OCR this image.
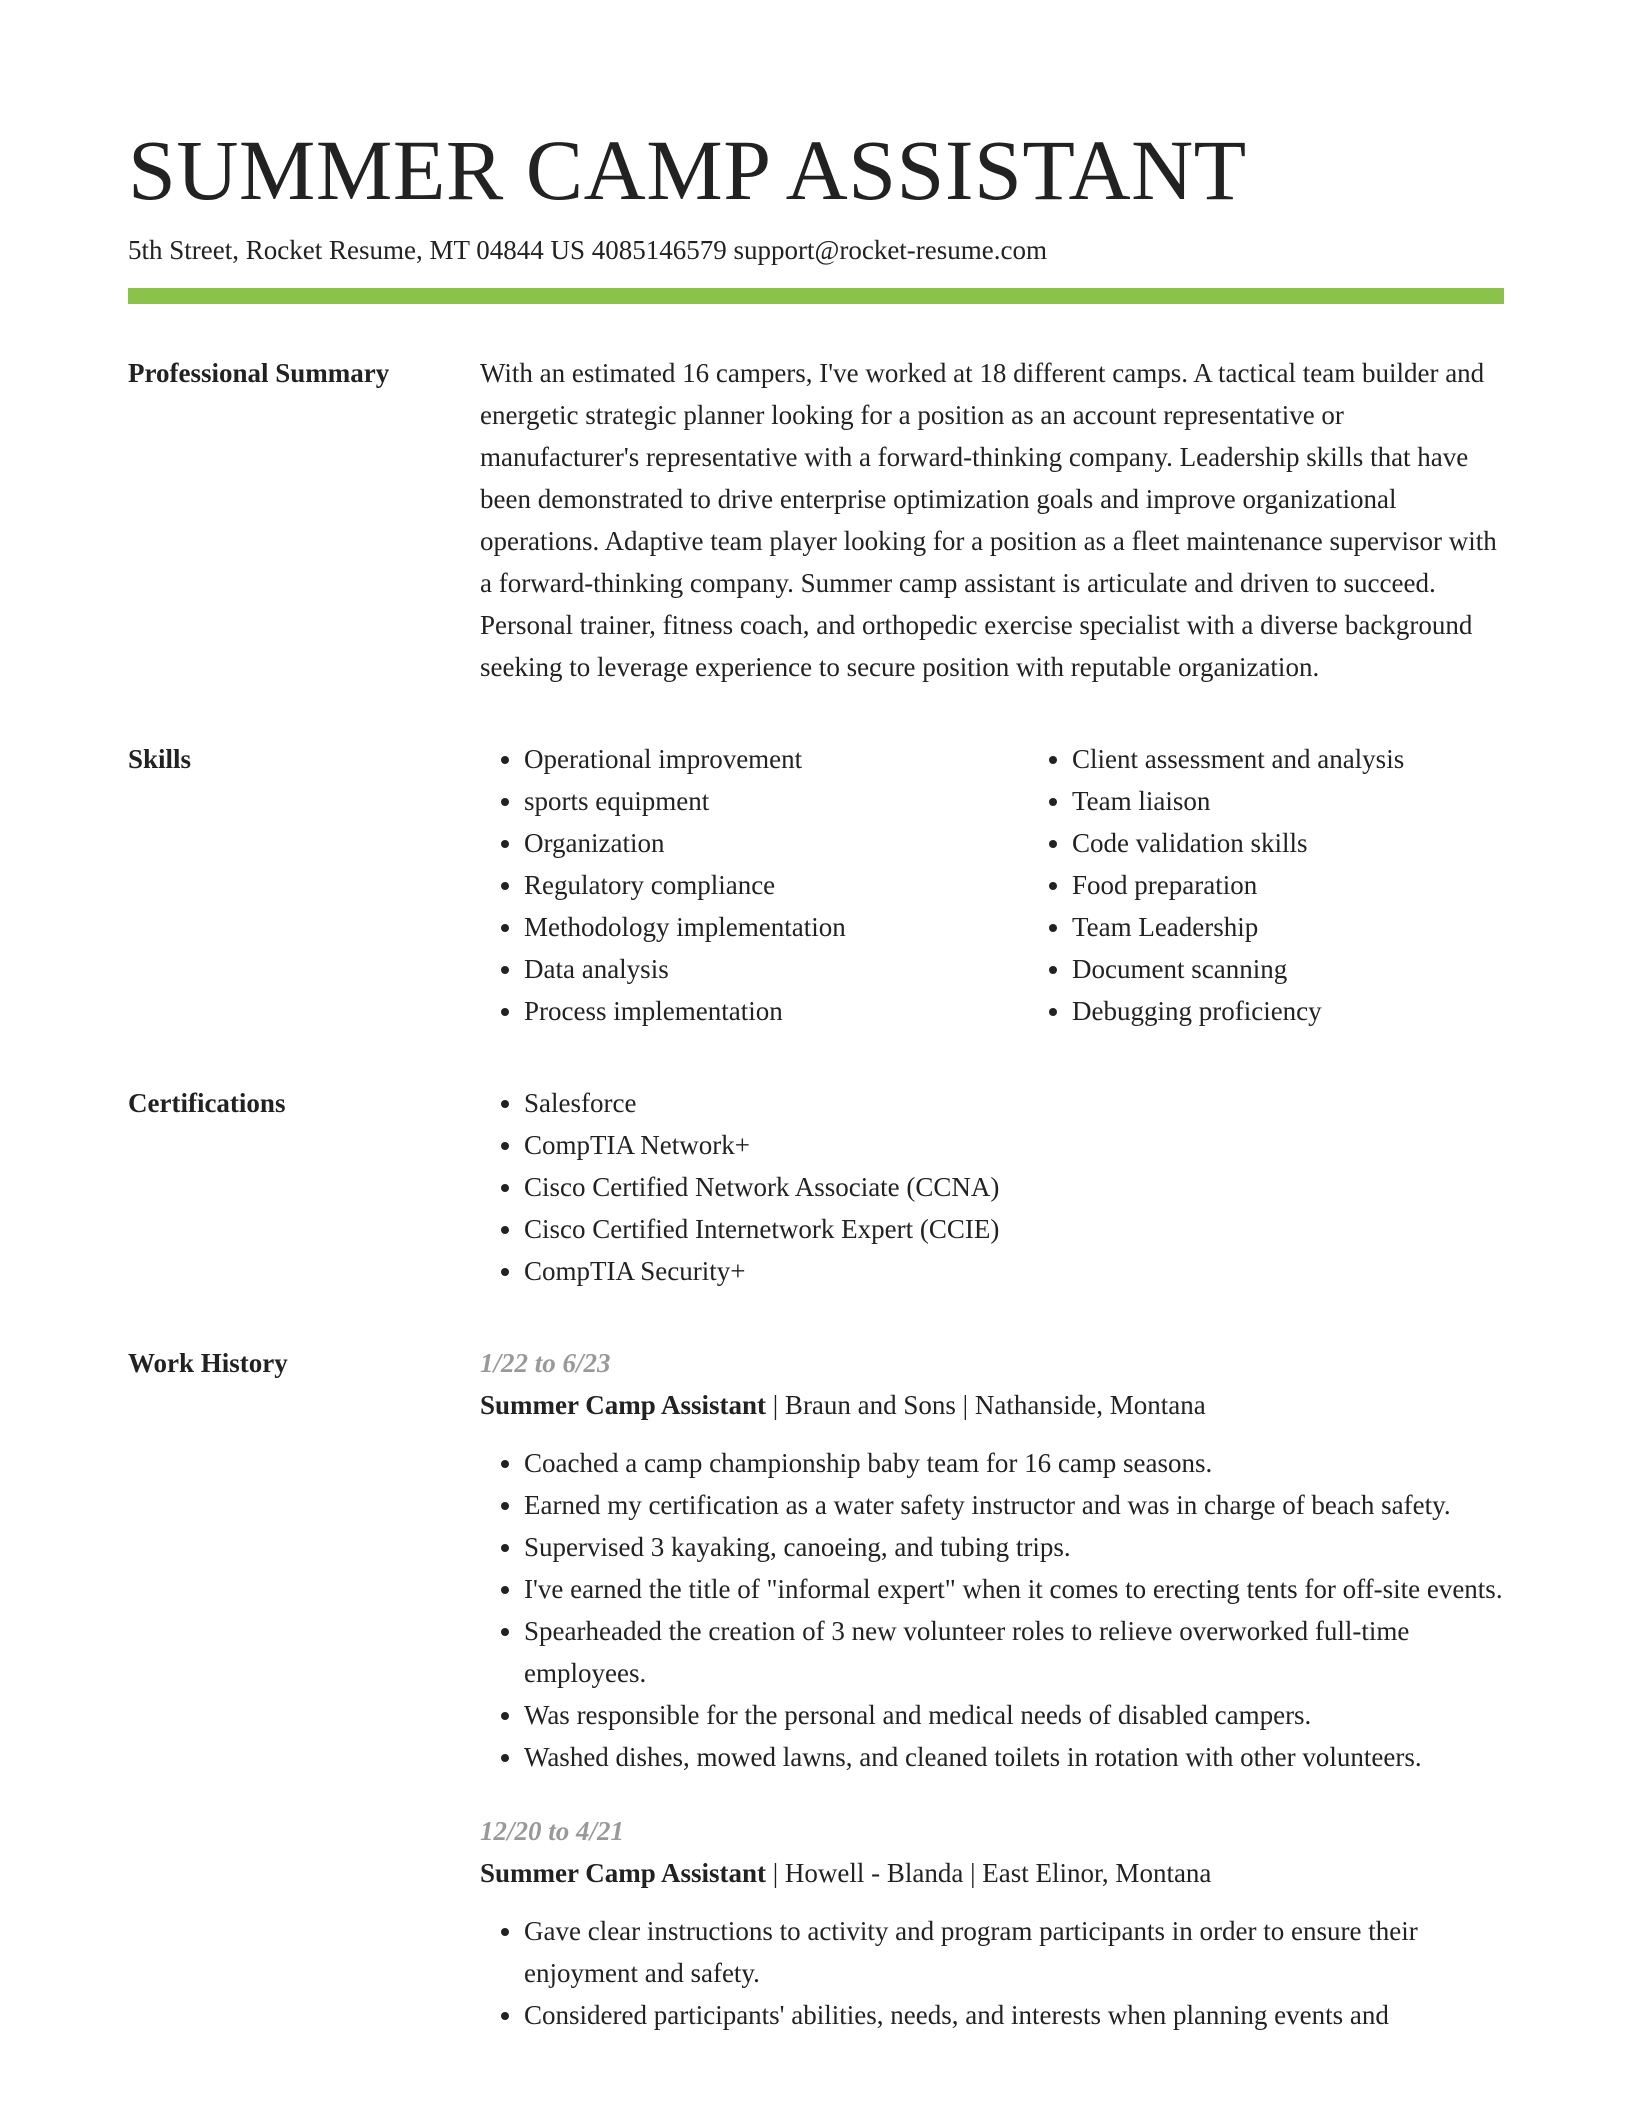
SUMMER CAMP ASSISTANT
5th Street, Rocket Resume, MT 04844 US 4085146579 support@rocket-resume.com
Professional Summary	With an estimated 16 campers, I've worked at 18 different camps. A tactical team builder and energetic strategic planner looking for a position as an account representative or manufacturer's representative with a forward-thinking company. Leadership skills that have been demonstrated to drive enterprise optimization goals and improve organizational operations. Adaptive team player looking for a position as a fleet maintenance supervisor with a forward-thinking company. Summer camp assistant is articulate and driven to succeed. Personal trainer, fitness coach, and orthopedic exercise specialist with a diverse background seeking to leverage experience to secure position with reputable organization.

Skills	• Operational improvement
• sports equipment
• Organization
• Regulatory compliance
• Methodology implementation
• Data analysis
• Process implementation
• Client assessment and analysis
• Team liaison
• Code validation skills
• Food preparation
• Team Leadership
• Document scanning
• Debugging proficiency
Certifications	• Salesforce
• CompTIA Network+
• Cisco Certified Network Associate (CCNA)
• Cisco Certified Internetwork Expert (CCIE)
• CompTIA Security+
Work History	1/22 to 6/23
Summer Camp Assistant | Braun and Sons | Nathanside, Montana
• Coached a camp championship baby team for 16 camp seasons.
• Earned my certification as a water safety instructor and was in charge of beach safety.
• Supervised 3 kayaking, canoeing, and tubing trips.
• I've earned the title of "informal expert" when it comes to erecting tents for off-site events.
• Spearheaded the creation of 3 new volunteer roles to relieve overworked full-time employees.
• Was responsible for the personal and medical needs of disabled campers.
• Washed dishes, mowed lawns, and cleaned toilets in rotation with other volunteers.
12/20 to 4/21
Summer Camp Assistant | Howell - Blanda | East Elinor, Montana
• Gave clear instructions to activity and program participants in order to ensure their enjoyment and safety.
• Considered participants' abilities, needs, and interests when planning events and
